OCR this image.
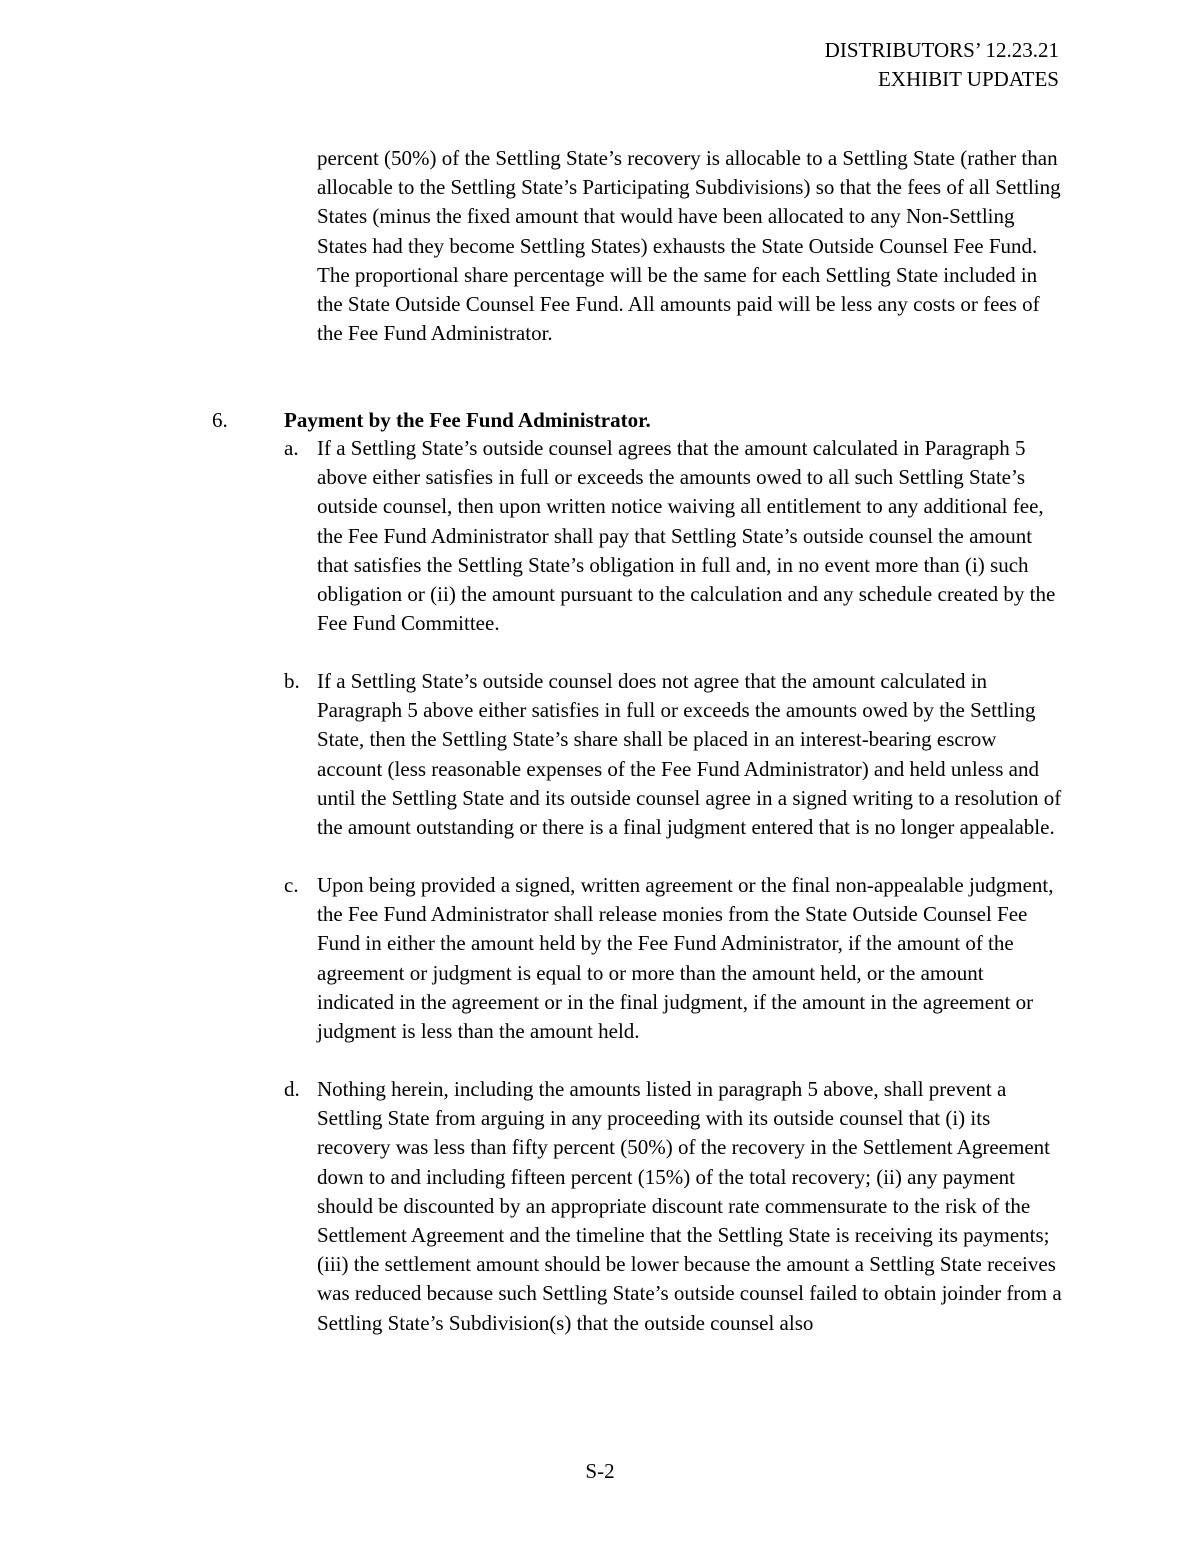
DISTRIBUTORS’ 12.23.21
EXHIBIT UPDATES
percent (50%) of the Settling State’s recovery is allocable to a Settling State (rather than allocable to the Settling State’s Participating Subdivisions) so that the fees of all Settling States (minus the fixed amount that would have been allocated to any Non-Settling States had they become Settling States) exhausts the State Outside Counsel Fee Fund. The proportional share percentage will be the same for each Settling State included in the State Outside Counsel Fee Fund. All amounts paid will be less any costs or fees of the Fee Fund Administrator.
6.	Payment by the Fee Fund Administrator.
a. If a Settling State’s outside counsel agrees that the amount calculated in Paragraph 5 above either satisfies in full or exceeds the amounts owed to all such Settling State’s outside counsel, then upon written notice waiving all entitlement to any additional fee, the Fee Fund Administrator shall pay that Settling State’s outside counsel the amount that satisfies the Settling State’s obligation in full and, in no event more than (i) such obligation or (ii) the amount pursuant to the calculation and any schedule created by the Fee Fund Committee.
b. If a Settling State’s outside counsel does not agree that the amount calculated in Paragraph 5 above either satisfies in full or exceeds the amounts owed by the Settling State, then the Settling State’s share shall be placed in an interest-bearing escrow account (less reasonable expenses of the Fee Fund Administrator) and held unless and until the Settling State and its outside counsel agree in a signed writing to a resolution of the amount outstanding or there is a final judgment entered that is no longer appealable.
c. Upon being provided a signed, written agreement or the final non-appealable judgment, the Fee Fund Administrator shall release monies from the State Outside Counsel Fee Fund in either the amount held by the Fee Fund Administrator, if the amount of the agreement or judgment is equal to or more than the amount held, or the amount indicated in the agreement or in the final judgment, if the amount in the agreement or judgment is less than the amount held.
d. Nothing herein, including the amounts listed in paragraph 5 above, shall prevent a Settling State from arguing in any proceeding with its outside counsel that (i) its recovery was less than fifty percent (50%) of the recovery in the Settlement Agreement down to and including fifteen percent (15%) of the total recovery; (ii) any payment should be discounted by an appropriate discount rate commensurate to the risk of the Settlement Agreement and the timeline that the Settling State is receiving its payments; (iii) the settlement amount should be lower because the amount a Settling State receives was reduced because such Settling State’s outside counsel failed to obtain joinder from a Settling State’s Subdivision(s) that the outside counsel also
S-2
